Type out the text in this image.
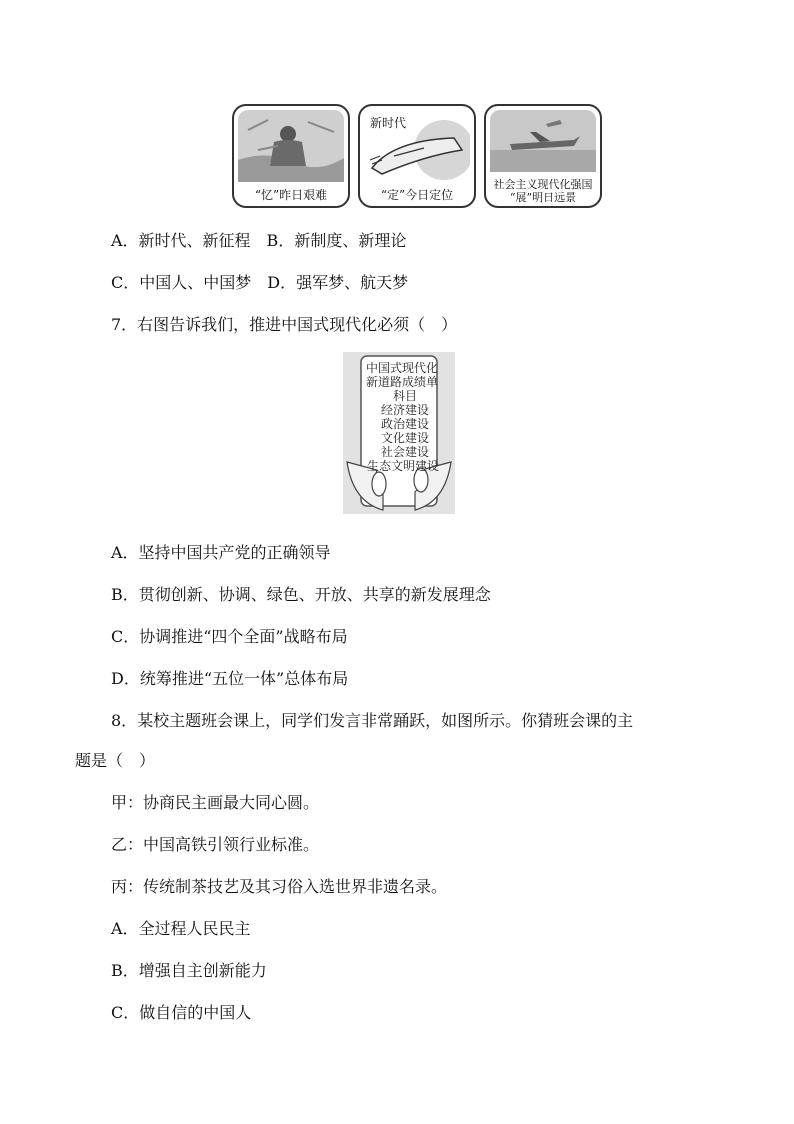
“忆”昨日艰难
新时代
“定”今日定位
社会主义现代化强国
“展”明日远景
A．新时代、新征程　B．新制度、新理论
C．中国人、中国梦　D．强军梦、航天梦
7．右图告诉我们，推进中国式现代化必须（　）
中国式现代化
新道路成绩单
科目
经济建设
政治建设
文化建设
社会建设
生态文明建设
A．坚持中国共产党的正确领导
B．贯彻创新、协调、绿色、开放、共享的新发展理念
C．协调推进“四个全面”战略布局
D．统筹推进“五位一体”总体布局
8．某校主题班会课上，同学们发言非常踊跃，如图所示。你猜班会课的主
题是（　）
甲：协商民主画最大同心圆。
乙：中国高铁引领行业标准。
丙：传统制茶技艺及其习俗入选世界非遗名录。
A．全过程人民民主
B．增强自主创新能力
C．做自信的中国人
